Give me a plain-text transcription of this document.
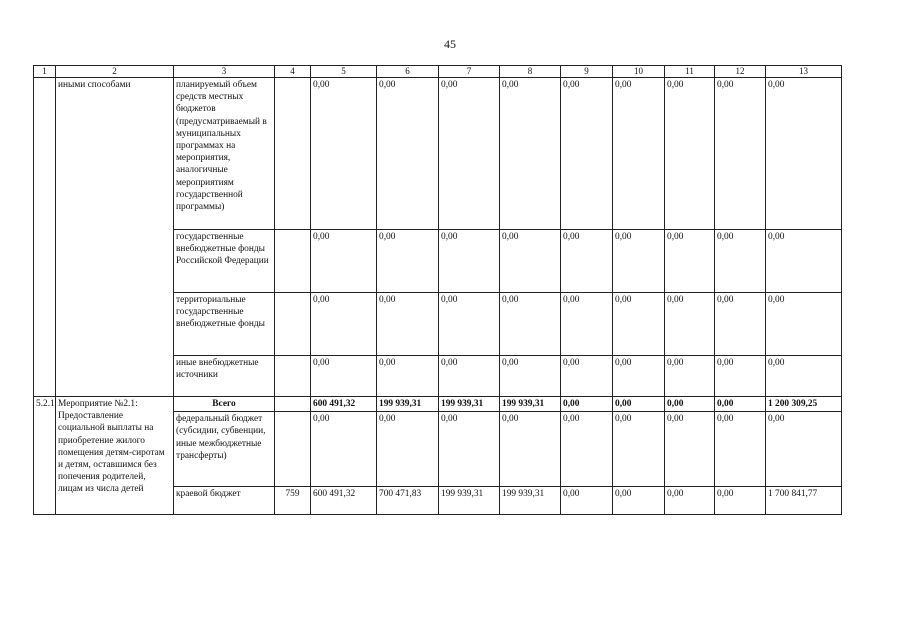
45
1	2	3	4	5	6	7	8	9	10	11	12	13
	иными способами	планируемый объем средств местных бюджетов (предусматриваемый в муниципальных программах на мероприятия, аналогичные мероприятиям государственной программы)		0,00	0,00	0,00	0,00	0,00	0,00	0,00	0,00	0,00
		государственные внебюджетные фонды Российской Федерации		0,00	0,00	0,00	0,00	0,00	0,00	0,00	0,00	0,00
		территориальные государственные внебюджетные фонды		0,00	0,00	0,00	0,00	0,00	0,00	0,00	0,00	0,00
		иные внебюджетные источники		0,00	0,00	0,00	0,00	0,00	0,00	0,00	0,00	0,00
5.2.1	Мероприятие №2.1: Предоставление социальной выплаты на приобретение жилого помещения детям-сиротам и детям, оставшимся без попечения родителей, лицам из числа детей	Всего		600 491,32	199 939,31	199 939,31	199 939,31	0,00	0,00	0,00	0,00	1 200 309,25
		федеральный бюджет (субсидии, субвенции, иные межбюджетные трансферты)		0,00	0,00	0,00	0,00	0,00	0,00	0,00	0,00	0,00
		краевой бюджет	759	600 491,32	700 471,83	199 939,31	199 939,31	0,00	0,00	0,00	0,00	1 700 841,77
